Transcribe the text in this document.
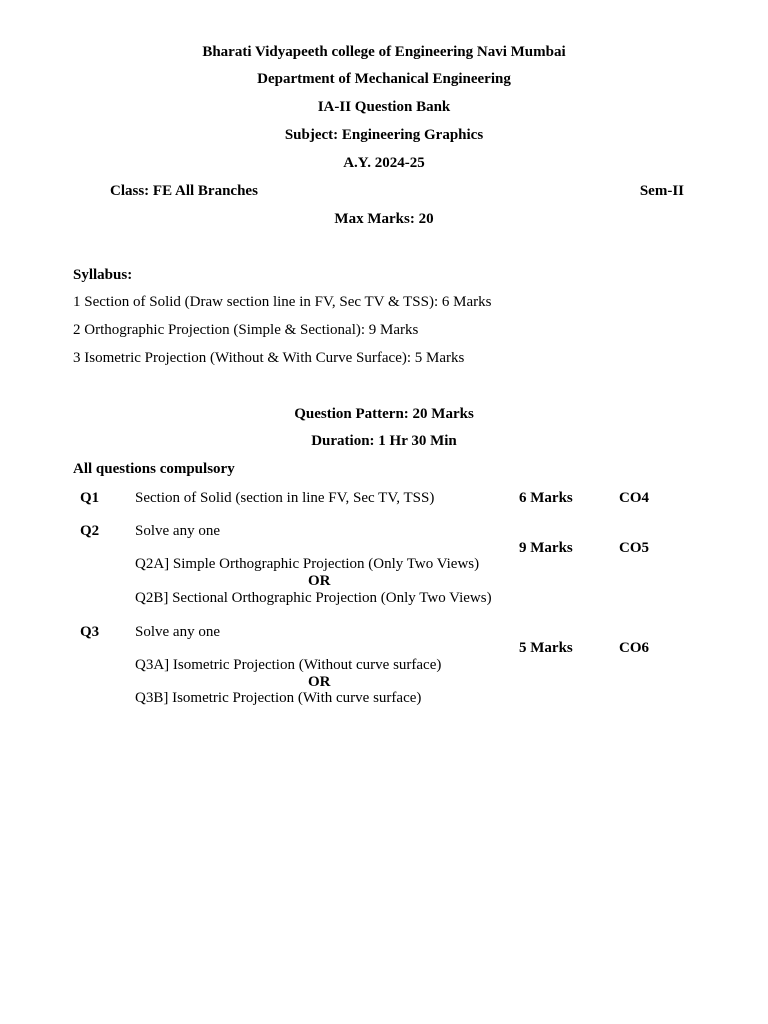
Bharati Vidyapeeth college of Engineering Navi Mumbai
Department of Mechanical Engineering
IA-II Question Bank
Subject: Engineering Graphics
A.Y. 2024-25
Class: FE All Branches	Sem-II
Max Marks: 20
Syllabus:
1 Section of Solid (Draw section line in FV, Sec TV & TSS): 6 Marks
2 Orthographic Projection (Simple & Sectional): 9 Marks
3 Isometric Projection (Without & With Curve Surface): 5 Marks
Question Pattern: 20 Marks
Duration: 1 Hr 30 Min
All questions compulsory
Q1 Section of Solid (section in line FV, Sec TV, TSS)	6 Marks	CO4
Q2 Solve any one
9 Marks	CO5
Q2A] Simple Orthographic Projection (Only Two Views)
OR
Q2B] Sectional Orthographic Projection (Only Two Views)
Q3 Solve any one
5 Marks	CO6
Q3A] Isometric Projection (Without curve surface)
OR
Q3B] Isometric Projection (With curve surface)
